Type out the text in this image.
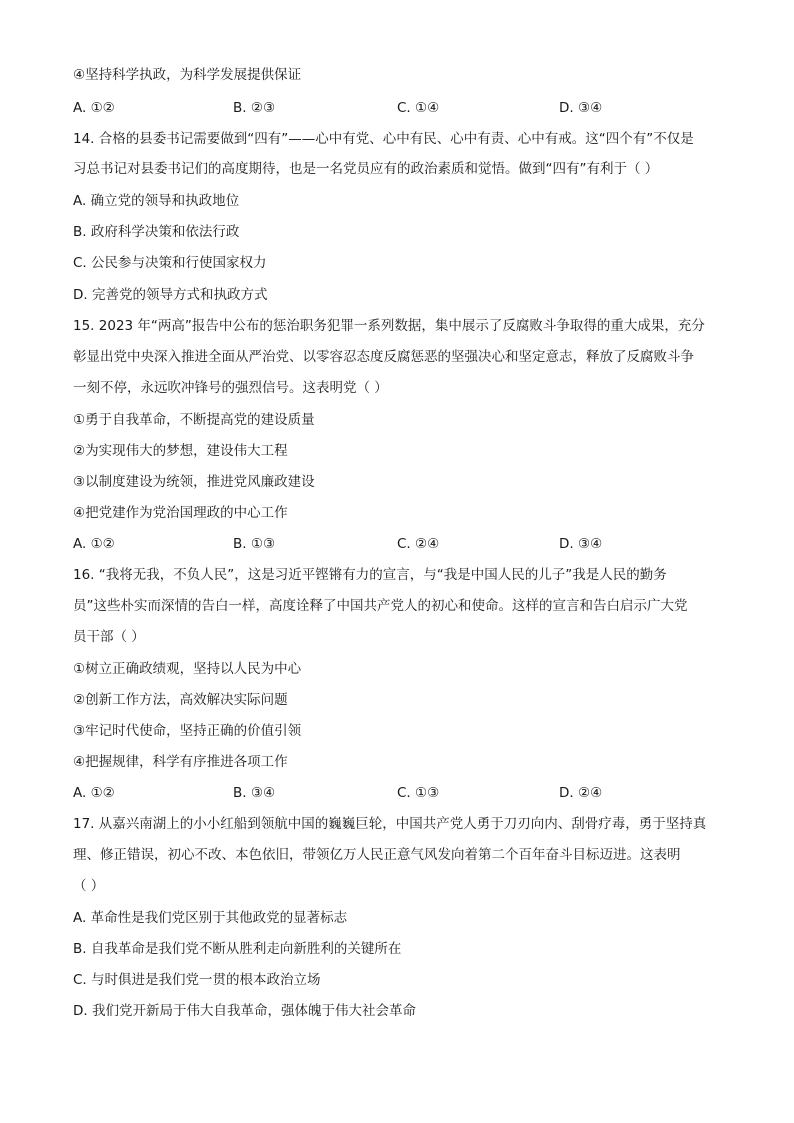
④坚持科学执政，为科学发展提供保证
A. ①②	B. ②③	C. ①④	D. ③④
14. 合格的县委书记需要做到“四有”——心中有党、心中有民、心中有责、心中有戒。这“四个有”不仅是
习总书记对县委书记们的高度期待，也是一名党员应有的政治素质和觉悟。做到“四有”有利于（ ）
A. 确立党的领导和执政地位
B. 政府科学决策和依法行政
C. 公民参与决策和行使国家权力
D. 完善党的领导方式和执政方式
15. 2023 年“两高”报告中公布的惩治职务犯罪一系列数据，集中展示了反腐败斗争取得的重大成果，充分
彰显出党中央深入推进全面从严治党、以零容忍态度反腐惩恶的坚强决心和坚定意志，释放了反腐败斗争
一刻不停，永远吹冲锋号的强烈信号。这表明党（ ）
①勇于自我革命，不断提高党的建设质量
②为实现伟大的梦想，建设伟大工程
③以制度建设为统领，推进党风廉政建设
④把党建作为党治国理政的中心工作
A. ①②	B. ①③	C. ②④	D. ③④
16. “我将无我，不负人民”，这是习近平铿锵有力的宣言，与“我是中国人民的儿子”我是人民的勤务
员”这些朴实而深情的告白一样，高度诠释了中国共产党人的初心和使命。这样的宣言和告白启示广大党
员干部（ ）
①树立正确政绩观，坚持以人民为中心
②创新工作方法，高效解决实际问题
③牢记时代使命，坚持正确的价值引领
④把握规律，科学有序推进各项工作
A. ①②	B. ③④	C. ①③	D. ②④
17. 从嘉兴南湖上的小小红船到领航中国的巍巍巨轮，中国共产党人勇于刀刃向内、刮骨疗毒，勇于坚持真
理、修正错误，初心不改、本色依旧，带领亿万人民正意气风发向着第二个百年奋斗目标迈进。这表明
（ ）
A. 革命性是我们党区别于其他政党的显著标志
B. 自我革命是我们党不断从胜利走向新胜利的关键所在
C. 与时俱进是我们党一贯的根本政治立场
D. 我们党开新局于伟大自我革命，强体魄于伟大社会革命
